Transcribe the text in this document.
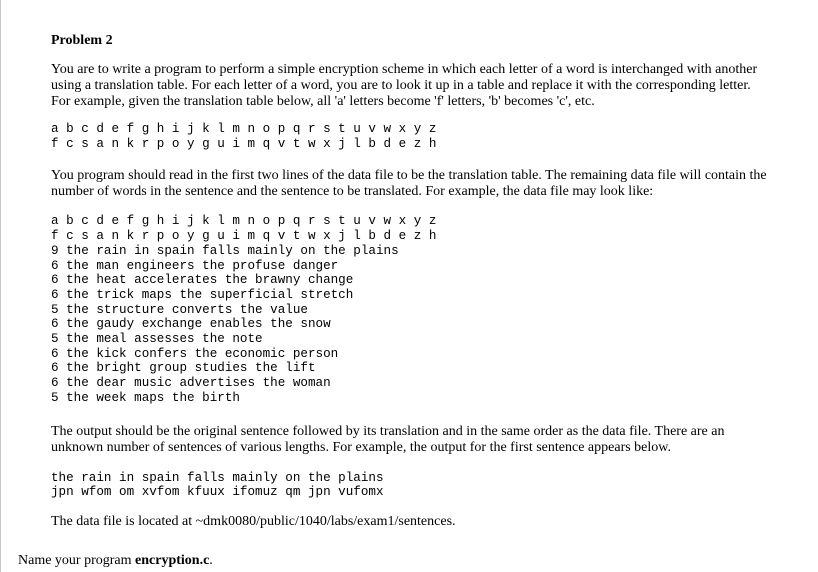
Problem 2

You are to write a program to perform a simple encryption scheme in which each letter of a word is interchanged with another using a translation table. For each letter of a word, you are to look it up in a table and replace it with the corresponding letter. For example, given the translation table below, all 'a' letters become 'f' letters, 'b' becomes 'c', etc.

a b c d e f g h i j k l m n o p q r s t u v w x y z
f c s a n k r p o y g u i m q v t w x j l b d e z h

You program should read in the first two lines of the data file to be the translation table. The remaining data file will contain the number of words in the sentence and the sentence to be translated. For example, the data file may look like:

a b c d e f g h i j k l m n o p q r s t u v w x y z
f c s a n k r p o y g u i m q v t w x j l b d e z h
9 the rain in spain falls mainly on the plains
6 the man engineers the profuse danger
6 the heat accelerates the brawny change
6 the trick maps the superficial stretch
5 the structure converts the value
6 the gaudy exchange enables the snow
5 the meal assesses the note
6 the kick confers the economic person
6 the bright group studies the lift
6 the dear music advertises the woman
5 the week maps the birth

The output should be the original sentence followed by its translation and in the same order as the data file. There are an unknown number of sentences of various lengths. For example, the output for the first sentence appears below.

the rain in spain falls mainly on the plains
jpn wfom om xvfom kfuux ifomuz qm jpn vufomx

The data file is located at ~dmk0080/public/1040/labs/exam1/sentences.

Name your program encryption.c.
